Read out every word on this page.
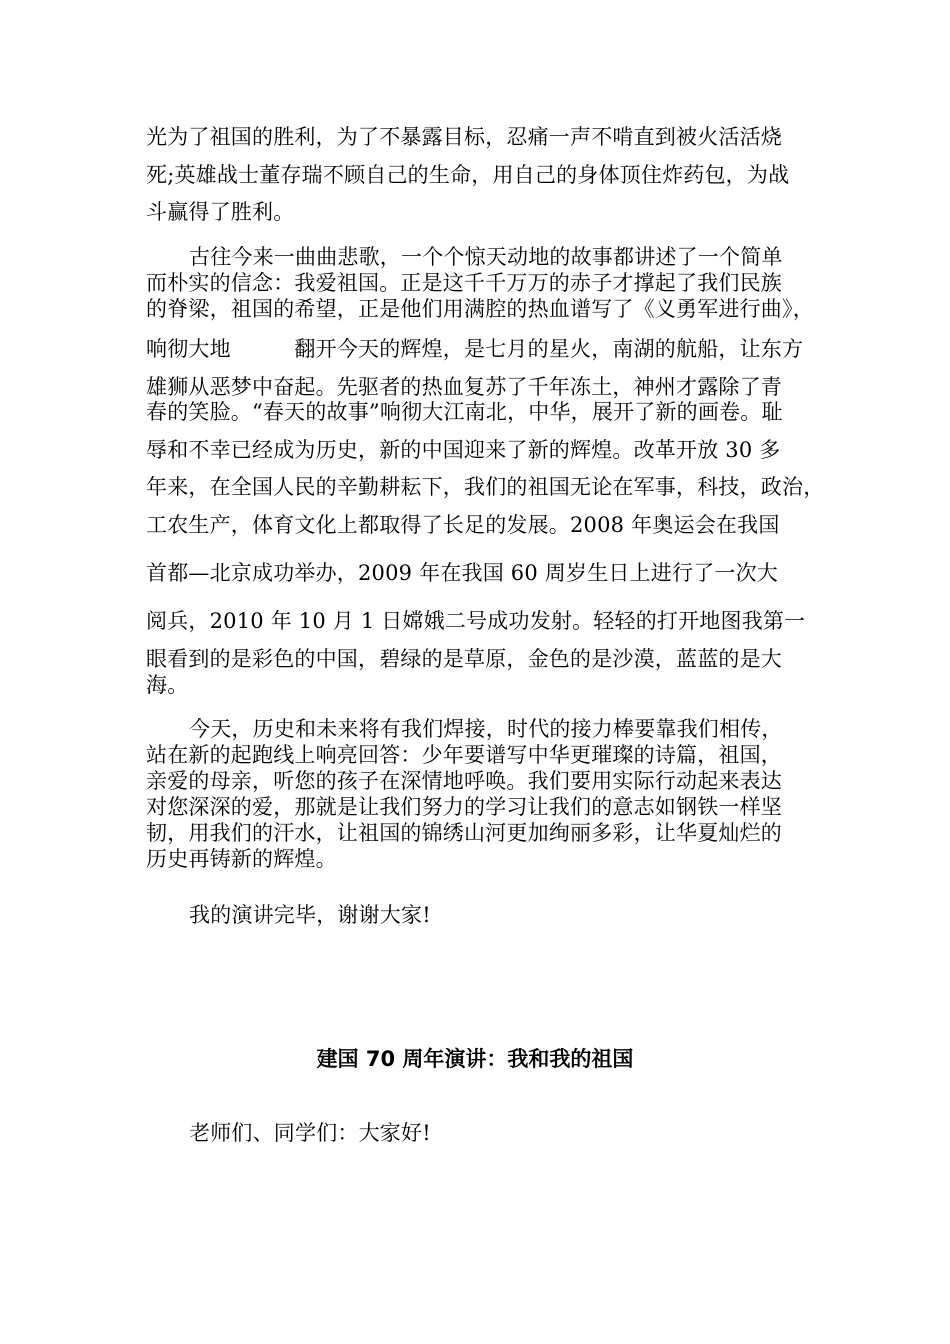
光为了祖国的胜利，为了不暴露目标，忍痛一声不啃直到被火活活烧
死;英雄战士董存瑞不顾自己的生命，用自己的身体顶住炸药包，为战
斗赢得了胜利。
古往今来一曲曲悲歌，一个个惊天动地的故事都讲述了一个简单
而朴实的信念：我爱祖国。正是这千千万万的赤子才撑起了我们民族
的脊梁，祖国的希望，正是他们用满腔的热血谱写了《义勇军进行曲》，
响彻大地　　　翻开今天的辉煌，是七月的星火，南湖的航船，让东方
雄狮从恶梦中奋起。先驱者的热血复苏了千年冻土，神州才露除了青
春的笑脸。“春天的故事”响彻大江南北，中华，展开了新的画卷。耻
辱和不幸已经成为历史，新的中国迎来了新的辉煌。改革开放 30 多
年来，在全国人民的辛勤耕耘下，我们的祖国无论在军事，科技，政治，
工农生产，体育文化上都取得了长足的发展。2008 年奥运会在我国
首都—北京成功举办，2009 年在我国 60 周岁生日上进行了一次大
阅兵，2010 年 10 月 1 日嫦娥二号成功发射。轻轻的打开地图我第一
眼看到的是彩色的中国，碧绿的是草原，金色的是沙漠，蓝蓝的是大
海。
今天，历史和未来将有我们焊接，时代的接力棒要靠我们相传，
站在新的起跑线上响亮回答：少年要谱写中华更璀璨的诗篇，祖国，
亲爱的母亲，听您的孩子在深情地呼唤。我们要用实际行动起来表达
对您深深的爱，那就是让我们努力的学习让我们的意志如钢铁一样坚
韧，用我们的汗水，让祖国的锦绣山河更加绚丽多彩，让华夏灿烂的
历史再铸新的辉煌。
我的演讲完毕，谢谢大家!
建国 70 周年演讲：我和我的祖国
老师们、同学们：大家好!
